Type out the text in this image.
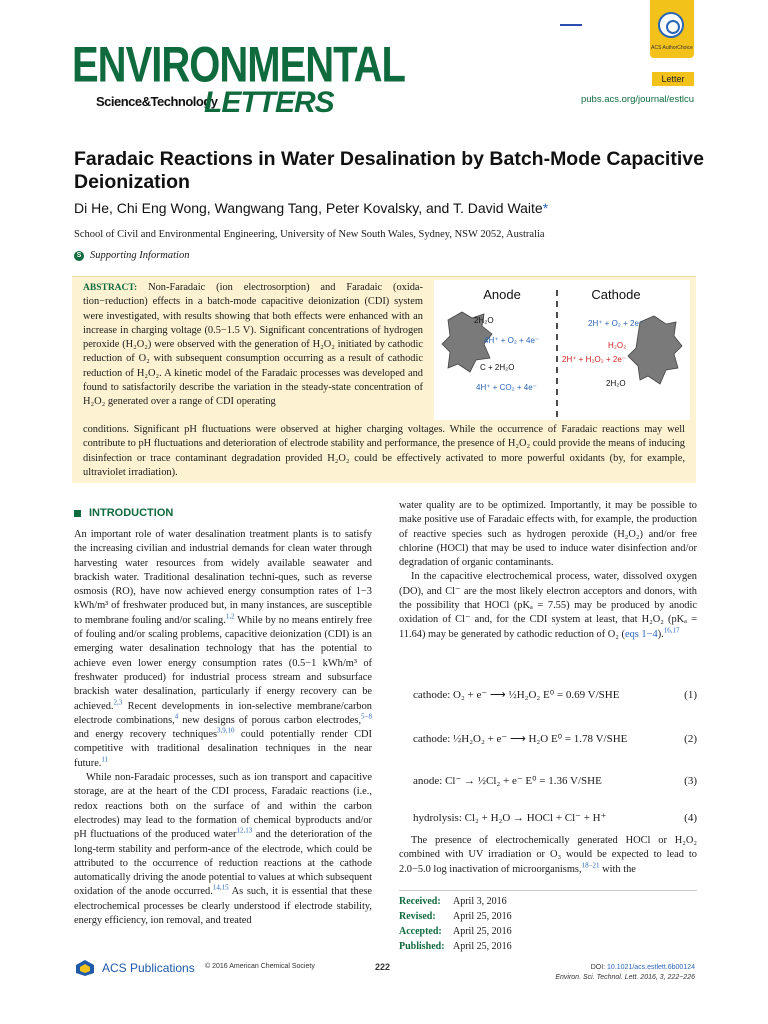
ACS AuthorChoice
ENVIRONMENTAL
Science&Technology
LETTERS
Letter
pubs.acs.org/journal/estlcu
Faradaic Reactions in Water Desalination by Batch-Mode Capacitive Deionization
Di He, Chi Eng Wong, Wangwang Tang, Peter Kovalsky, and T. David Waite*
School of Civil and Environmental Engineering, University of New South Wales, Sydney, NSW 2052, Australia
S Supporting Information
ABSTRACT: Non-Faradaic (ion electrosorption) and Faradaic (oxida-tion−reduction) effects in a batch-mode capacitive deionization (CDI) system were investigated, with results showing that both effects were enhanced with an increase in charging voltage (0.5−1.5 V). Significant concentrations of hydrogen peroxide (H₂O₂) were observed with the generation of H₂O₂ initiated by cathodic reduction of O₂ with subsequent consumption occurring as a result of cathodic reduction of H₂O₂. A kinetic model of the Faradaic processes was developed and found to satisfactorily describe the variation in the steady-state concentration of H₂O₂ generated over a range of CDI operating
conditions. Significant pH fluctuations were observed at higher charging voltages. While the occurrence of Faradaic reactions may well contribute to pH fluctuations and deterioration of electrode stability and performance, the presence of H₂O₂ could provide the means of inducing disinfection or trace contaminant degradation provided H₂O₂ could be effectively activated to more powerful oxidants (by, for example, ultraviolet irradiation).
Anode	Cathode
2H₂O
4H⁺ + O₂ + 4e⁻
C + 2H₂O
4H⁺ + CO₂ + 4e⁻
2H⁺ + O₂ + 2e⁻
H₂O₂
2H⁺ + H₂O₂ + 2e⁻
2H₂O
INTRODUCTION

An important role of water desalination treatment plants is to satisfy the increasing civilian and industrial demands for clean water through harvesting water resources from widely available seawater and brackish water. Traditional desalination techni-ques, such as reverse osmosis (RO), have now achieved energy consumption rates of 1−3 kWh/m³ of freshwater produced but, in many instances, are susceptible to membrane fouling and/or scaling.$^{1,2}$ While by no means entirely free of fouling and/or scaling problems, capacitive deionization (CDI) is an emerging water desalination technology that has the potential to achieve even lower energy consumption rates (0.5−1 kWh/m³ of freshwater produced) for industrial process stream and subsurface brackish water desalination, particularly if energy recovery can be achieved.$^{2,3}$ Recent developments in ion-selective membrane/carbon electrode combinations,$^4$ new designs of porous carbon electrodes,$^{5-8}$ and energy recovery techniques$^{3,9,10}$ could potentially render CDI competitive with traditional desalination techniques in the near future.$^{11}$

While non-Faradaic processes, such as ion transport and capacitive storage, are at the heart of the CDI process, Faradaic reactions (i.e., redox reactions both on the surface of and within the carbon electrodes) may lead to the formation of chemical byproducts and/or pH fluctuations of the produced water$^{12,13}$ and the deterioration of the long-term stability and perform-ance of the electrode, which could be attributed to the occurrence of reduction reactions at the cathode automatically driving the anode potential to values at which subsequent oxidation of the anode occurred.$^{14,15}$ As such, it is essential that these electrochemical processes be clearly understood if electrode stability, energy efficiency, ion removal, and treated

water quality are to be optimized. Importantly, it may be possible to make positive use of Faradaic effects with, for example, the production of reactive species such as hydrogen peroxide (H₂O₂) and/or free chlorine (HOCl) that may be used to induce water disinfection and/or degradation of organic contaminants.

In the capacitive electrochemical process, water, dissolved oxygen (DO), and Cl⁻ are the most likely electron acceptors and donors, with the possibility that HOCl (pKₐ = 7.55) may be produced by anodic oxidation of Cl⁻ and, for the CDI system at least, that H₂O₂ (pKₐ = 11.64) may be generated by cathodic reduction of O₂ (eqs 1−4).$^{16,17}$

cathode: O₂ + e⁻ ⟶ ½H₂O₂ E⁰ = 0.69 V/SHE	(1)
cathode: ½H₂O₂ + e⁻ ⟶ H₂O E⁰ = 1.78 V/SHE	(2)
anode: Cl⁻ → ½Cl₂ + e⁻ E⁰ = 1.36 V/SHE	(3)
hydrolysis: Cl₂ + H₂O → HOCl + Cl⁻ + H⁺	(4)

The presence of electrochemically generated HOCl or H₂O₂ combined with UV irradiation or O₃ would be expected to lead to 2.0−5.0 log inactivation of microorganisms,$^{18-21}$ with the

Received: April 3, 2016
Revised: April 25, 2016
Accepted: April 25, 2016
Published: April 25, 2016
ACS Publications © 2016 American Chemical Society	222	DOI: 10.1021/acs.estlett.6b00124
Environ. Sci. Technol. Lett. 2016, 3, 222−226
